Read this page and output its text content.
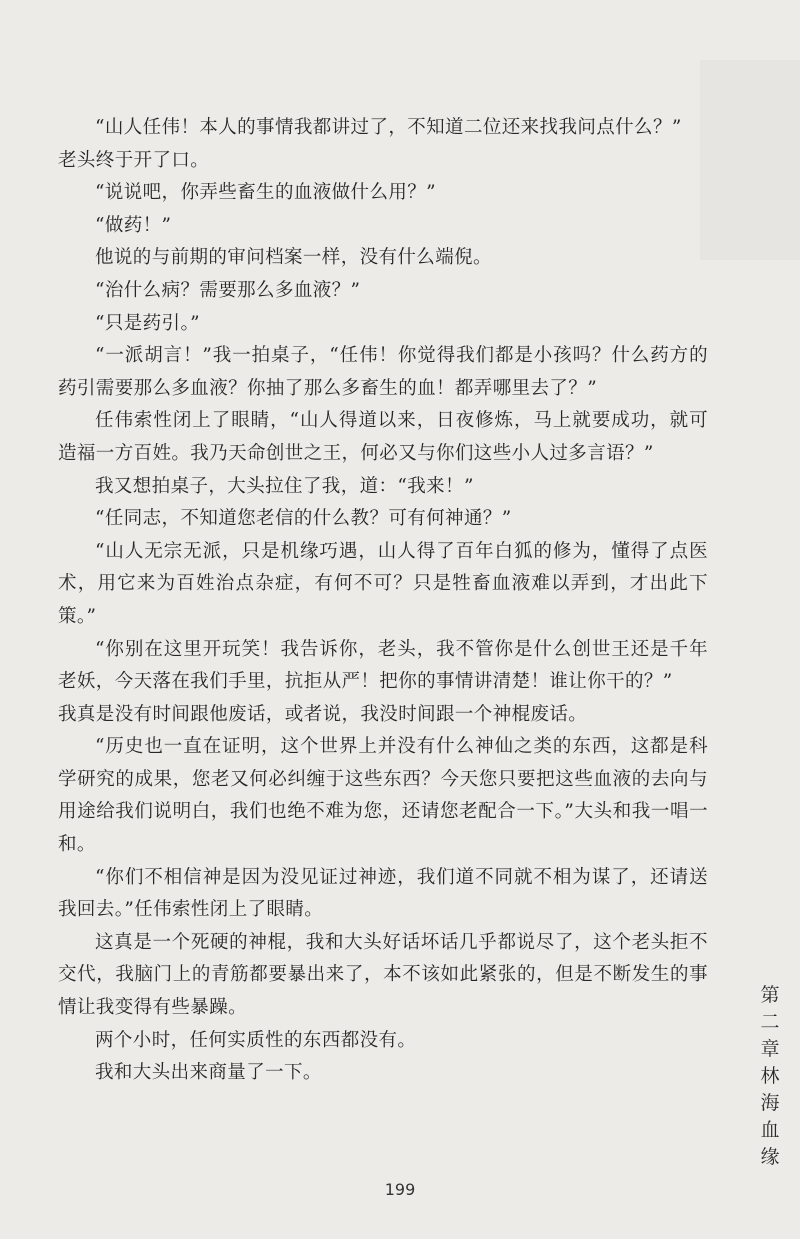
“山人任伟！本人的事情我都讲过了，不知道二位还来找我问点什么？”

老头终于开了口。

“说说吧，你弄些畜生的血液做什么用？”

“做药！”

他说的与前期的审问档案一样，没有什么端倪。

“治什么病？需要那么多血液？”

“只是药引。”

“一派胡言！”我一拍桌子，“任伟！你觉得我们都是小孩吗？什么药方的药引需要那么多血液？你抽了那么多畜生的血！都弄哪里去了？”

任伟索性闭上了眼睛，“山人得道以来，日夜修炼，马上就要成功，就可造福一方百姓。我乃天命创世之王，何必又与你们这些小人过多言语？”

我又想拍桌子，大头拉住了我，道：“我来！”

“任同志，不知道您老信的什么教？可有何神通？”

“山人无宗无派，只是机缘巧遇，山人得了百年白狐的修为，懂得了点医术，用它来为百姓治点杂症，有何不可？只是牲畜血液难以弄到，才出此下策。”

“你别在这里开玩笑！我告诉你，老头，我不管你是什么创世王还是千年老妖，今天落在我们手里，抗拒从严！把你的事情讲清楚！谁让你干的？”

我真是没有时间跟他废话，或者说，我没时间跟一个神棍废话。

“历史也一直在证明，这个世界上并没有什么神仙之类的东西，这都是科学研究的成果，您老又何必纠缠于这些东西？今天您只要把这些血液的去向与用途给我们说明白，我们也绝不难为您，还请您老配合一下。”大头和我一唱一和。

“你们不相信神是因为没见证过神迹，我们道不同就不相为谋了，还请送我回去。”任伟索性闭上了眼睛。

这真是一个死硬的神棍，我和大头好话坏话几乎都说尽了，这个老头拒不交代，我脑门上的青筋都要暴出来了，本不该如此紧张的，但是不断发生的事情让我变得有些暴躁。

两个小时，任何实质性的东西都没有。

我和大头出来商量了一下。

第二章 林海血缘
199
